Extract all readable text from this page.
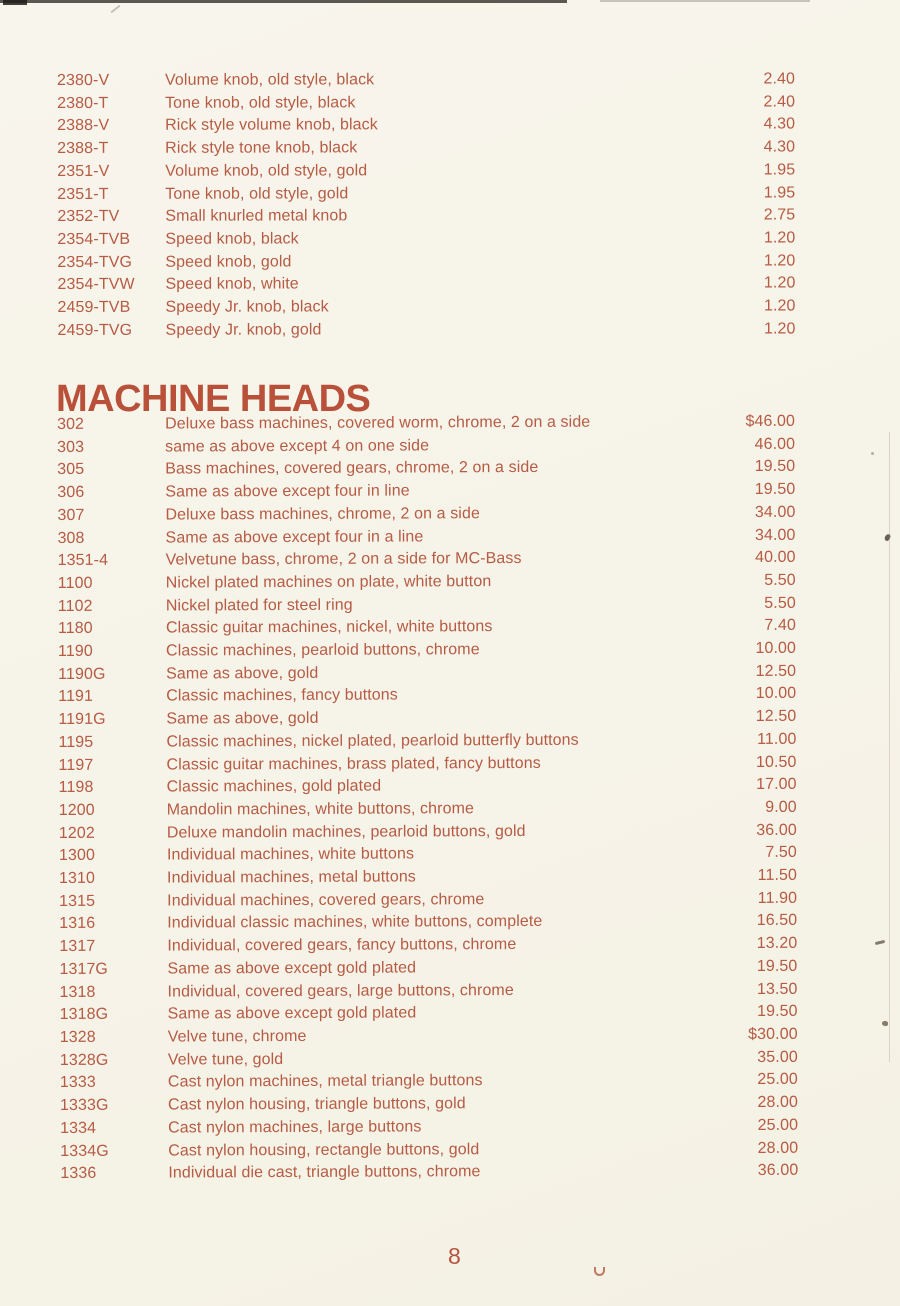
2380-V	Volume knob, old style, black	2.40
2380-T	Tone knob, old style, black	2.40
2388-V	Rick style volume knob, black	4.30
2388-T	Rick style tone knob, black	4.30
2351-V	Volume knob, old style, gold	1.95
2351-T	Tone knob, old style, gold	1.95
2352-TV	Small knurled metal knob	2.75
2354-TVB	Speed knob, black	1.20
2354-TVG	Speed knob, gold	1.20
2354-TVW	Speed knob, white	1.20
2459-TVB	Speedy Jr. knob, black	1.20
2459-TVG	Speedy Jr. knob, gold	1.20
MACHINE HEADS
302	Deluxe bass machines, covered worm, chrome, 2 on a side	$46.00
303	same as above except 4 on one side	46.00
305	Bass machines, covered gears, chrome, 2 on a side	19.50
306	Same as above except four in line	19.50
307	Deluxe bass machines, chrome, 2 on a side	34.00
308	Same as above except four in a line	34.00
1351-4	Velvetune bass, chrome, 2 on a side for MC-Bass	40.00
1100	Nickel plated machines on plate, white button	5.50
1102	Nickel plated for steel ring	5.50
1180	Classic guitar machines, nickel, white buttons	7.40
1190	Classic machines, pearloid buttons, chrome	10.00
1190G	Same as above, gold	12.50
1191	Classic machines, fancy buttons	10.00
1191G	Same as above, gold	12.50
1195	Classic machines, nickel plated, pearloid butterfly buttons	11.00
1197	Classic guitar machines, brass plated, fancy buttons	10.50
1198	Classic machines, gold plated	17.00
1200	Mandolin machines, white buttons, chrome	9.00
1202	Deluxe mandolin machines, pearloid buttons, gold	36.00
1300	Individual machines, white buttons	7.50
1310	Individual machines, metal buttons	11.50
1315	Individual machines, covered gears, chrome	11.90
1316	Individual classic machines, white buttons, complete	16.50
1317	Individual, covered gears, fancy buttons, chrome	13.20
1317G	Same as above except gold plated	19.50
1318	Individual, covered gears, large buttons, chrome	13.50
1318G	Same as above except gold plated	19.50
1328	Velve tune, chrome	$30.00
1328G	Velve tune, gold	35.00
1333	Cast nylon machines, metal triangle buttons	25.00
1333G	Cast nylon housing, triangle buttons, gold	28.00
1334	Cast nylon machines, large buttons	25.00
1334G	Cast nylon housing, rectangle buttons, gold	28.00
1336	Individual die cast, triangle buttons, chrome	36.00
8
